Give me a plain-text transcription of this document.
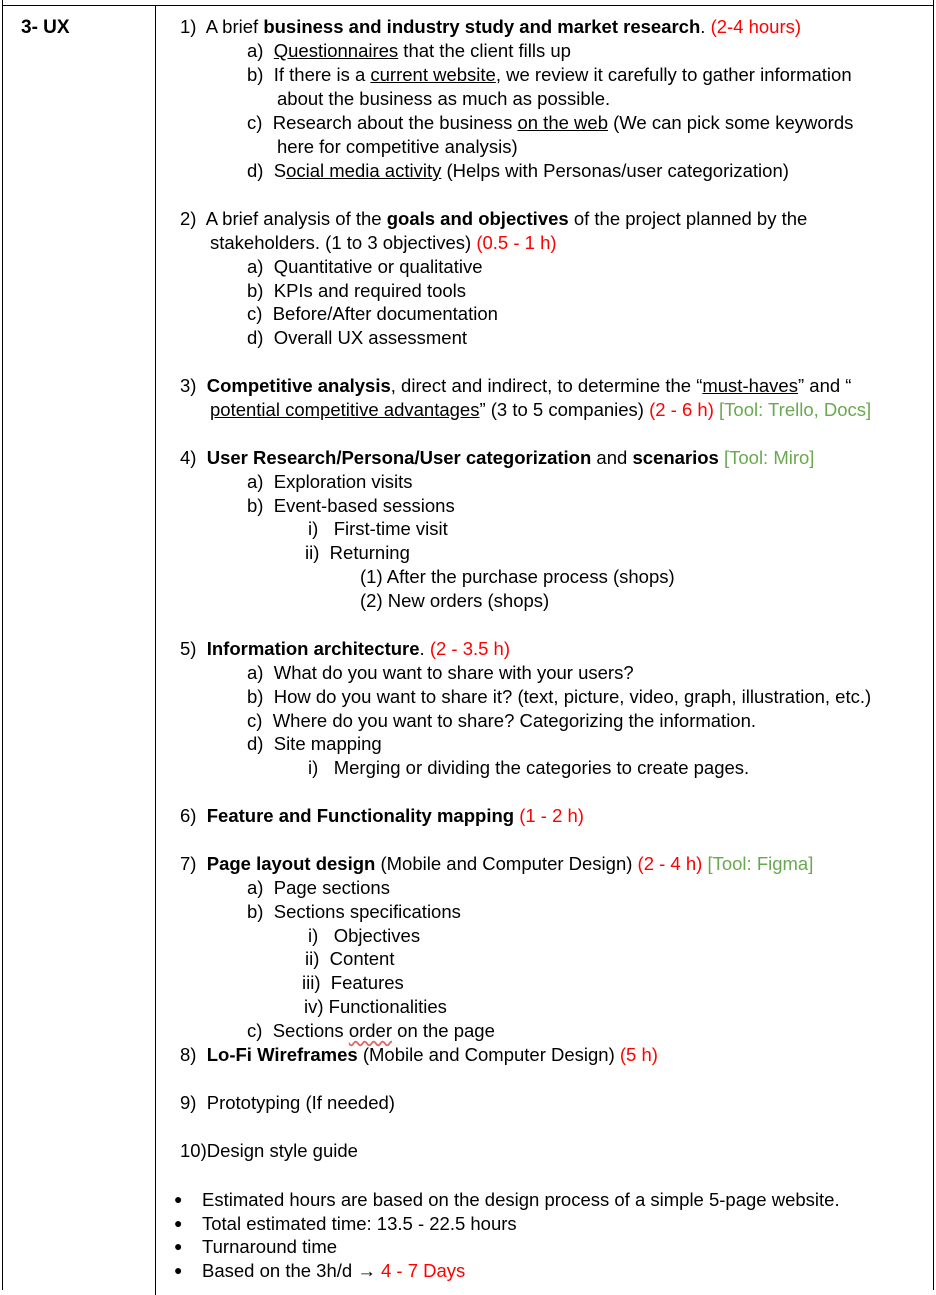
3- UX	1) A brief business and industry study and market research. (2-4 hours)
a) Questionnaires that the client fills up
b) If there is a current website, we review it carefully to gather information
about the business as much as possible.
c) Research about the business on the web (We can pick some keywords
here for competitive analysis)
d) Social media activity (Helps with Personas/user categorization)
2) A brief analysis of the goals and objectives of the project planned by the
stakeholders. (1 to 3 objectives) (0.5 - 1 h)
a) Quantitative or qualitative
b) KPIs and required tools
c) Before/After documentation
d) Overall UX assessment
3) Competitive analysis, direct and indirect, to determine the “must-haves” and “
potential competitive advantages” (3 to 5 companies) (2 - 6 h) [Tool: Trello, Docs]
4) User Research/Persona/User categorization and scenarios [Tool: Miro]
a) Exploration visits
b) Event-based sessions
i) First-time visit
ii) Returning
(1) After the purchase process (shops)
(2) New orders (shops)
5) Information architecture. (2 - 3.5 h)
a) What do you want to share with your users?
b) How do you want to share it? (text, picture, video, graph, illustration, etc.)
c) Where do you want to share? Categorizing the information.
d) Site mapping
i) Merging or dividing the categories to create pages.
6) Feature and Functionality mapping (1 - 2 h)
7) Page layout design (Mobile and Computer Design) (2 - 4 h) [Tool: Figma]
a) Page sections
b) Sections specifications
i) Objectives
ii) Content
iii) Features
iv) Functionalities
c) Sections order on the page
8) Lo-Fi Wireframes (Mobile and Computer Design) (5 h)
9) Prototyping (If needed)
10)Design style guide
● Estimated hours are based on the design process of a simple 5-page website.
● Total estimated time: 13.5 - 22.5 hours
● Turnaround time
● Based on the 3h/d → 4 - 7 Days
